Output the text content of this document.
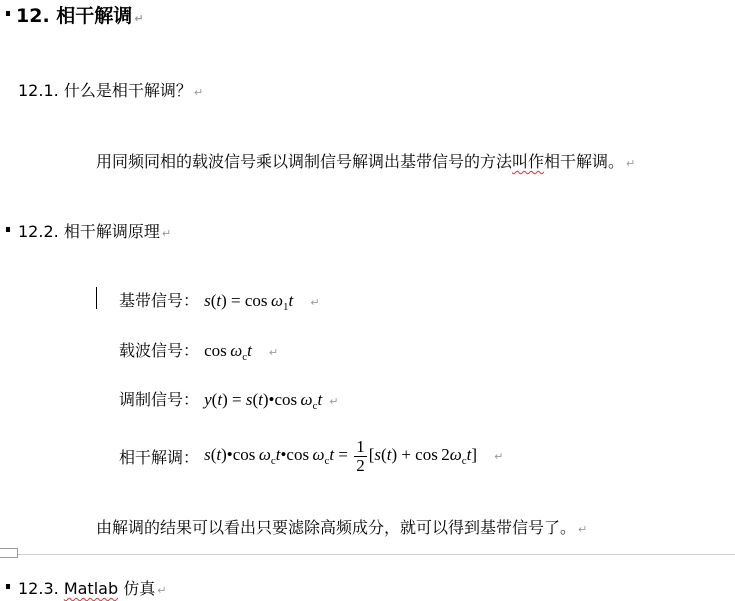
12. 相干解调 ↵
12.1. 什么是相干解调？ ↵
用同频同相的载波信号乘以调制信号解调出基带信号的方法叫作相干解调。 ↵
12.2. 相干解调原理 ↵
基带信号： $s(t) = \cos \omega_1t$ ↵
载波信号： $\cos \omega_ct$ ↵
调制信号： y(t) = s(t)•cos $\omega_ct$ ↵
相干解调： s(t)•cos $\omega_ct•\cos$ $\omega_ct = \frac{1}{2} [s(t) + \cos 2\omega_ct]$ ↵
由解调的结果可以看出只要滤除高频成分，就可以得到基带信号了。 ↵
12.3. Matlab 仿真 ↵
